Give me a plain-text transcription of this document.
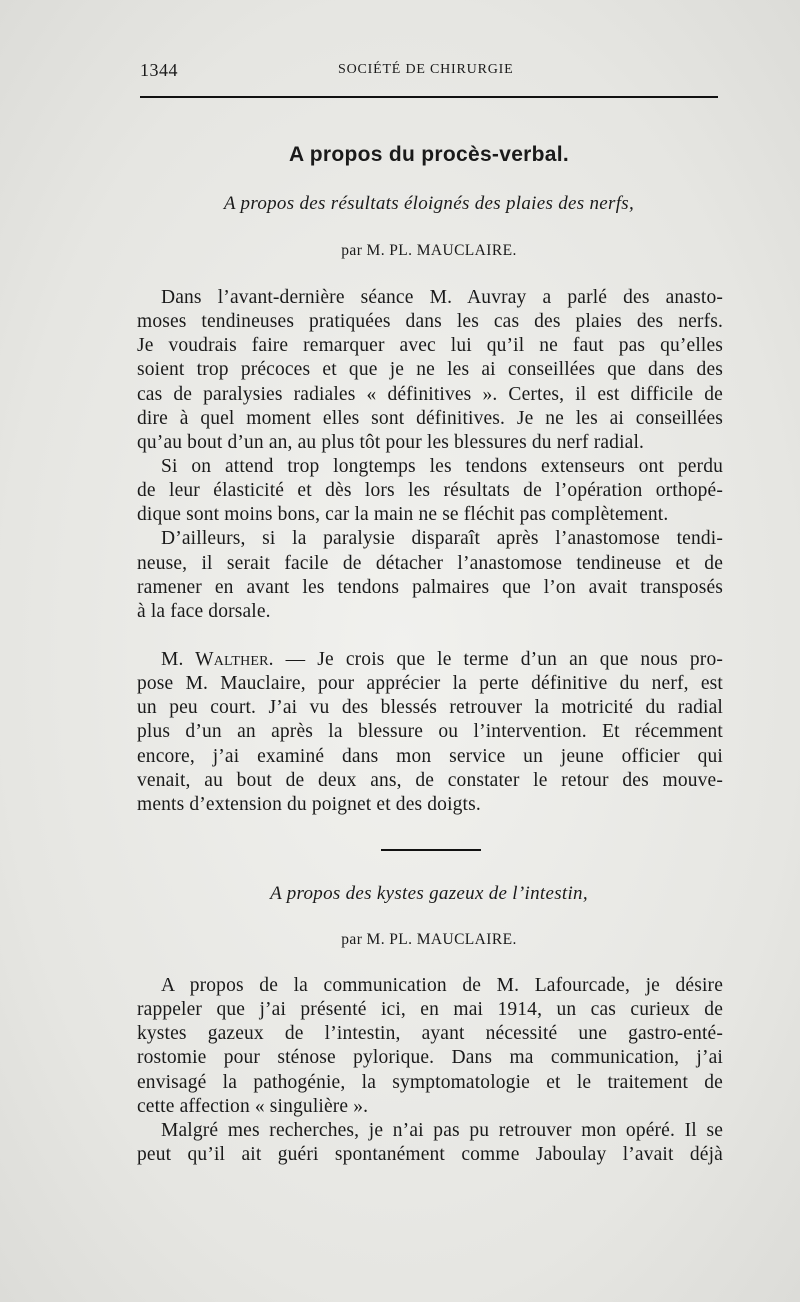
1344	SOCIÉTÉ DE CHIRURGIE
A propos du procès-verbal.
A propos des résultats éloignés des plaies des nerfs,
par M. PL. MAUCLAIRE.
Dans l’avant-dernière séance M. Auvray a parlé des anasto-
moses tendineuses pratiquées dans les cas des plaies des nerfs.
Je voudrais faire remarquer avec lui qu’il ne faut pas qu’elles
soient trop précoces et que je ne les ai conseillées que dans des
cas de paralysies radiales « définitives ». Certes, il est difficile de
dire à quel moment elles sont définitives. Je ne les ai conseillées
qu’au bout d’un an, au plus tôt pour les blessures du nerf radial.
Si on attend trop longtemps les tendons extenseurs ont perdu
de leur élasticité et dès lors les résultats de l’opération orthopé-
dique sont moins bons, car la main ne se fléchit pas complètement.
D’ailleurs, si la paralysie disparaît après l’anastomose tendi-
neuse, il serait facile de détacher l’anastomose tendineuse et de
ramener en avant les tendons palmaires que l’on avait transposés
à la face dorsale.
M. Walther. — Je crois que le terme d’un an que nous pro-
pose M. Mauclaire, pour apprécier la perte définitive du nerf, est
un peu court. J’ai vu des blessés retrouver la motricité du radial
plus d’un an après la blessure ou l’intervention. Et récemment
encore, j’ai examiné dans mon service un jeune officier qui
venait, au bout de deux ans, de constater le retour des mouve-
ments d’extension du poignet et des doigts.
A propos des kystes gazeux de l’intestin,
par M. PL. MAUCLAIRE.
A propos de la communication de M. Lafourcade, je désire
rappeler que j’ai présenté ici, en mai 1914, un cas curieux de
kystes gazeux de l’intestin, ayant nécessité une gastro-enté-
rostomie pour sténose pylorique. Dans ma communication, j’ai
envisagé la pathogénie, la symptomatologie et le traitement de
cette affection « singulière ».
Malgré mes recherches, je n’ai pas pu retrouver mon opéré. Il se
peut qu’il ait guéri spontanément comme Jaboulay l’avait déjà
